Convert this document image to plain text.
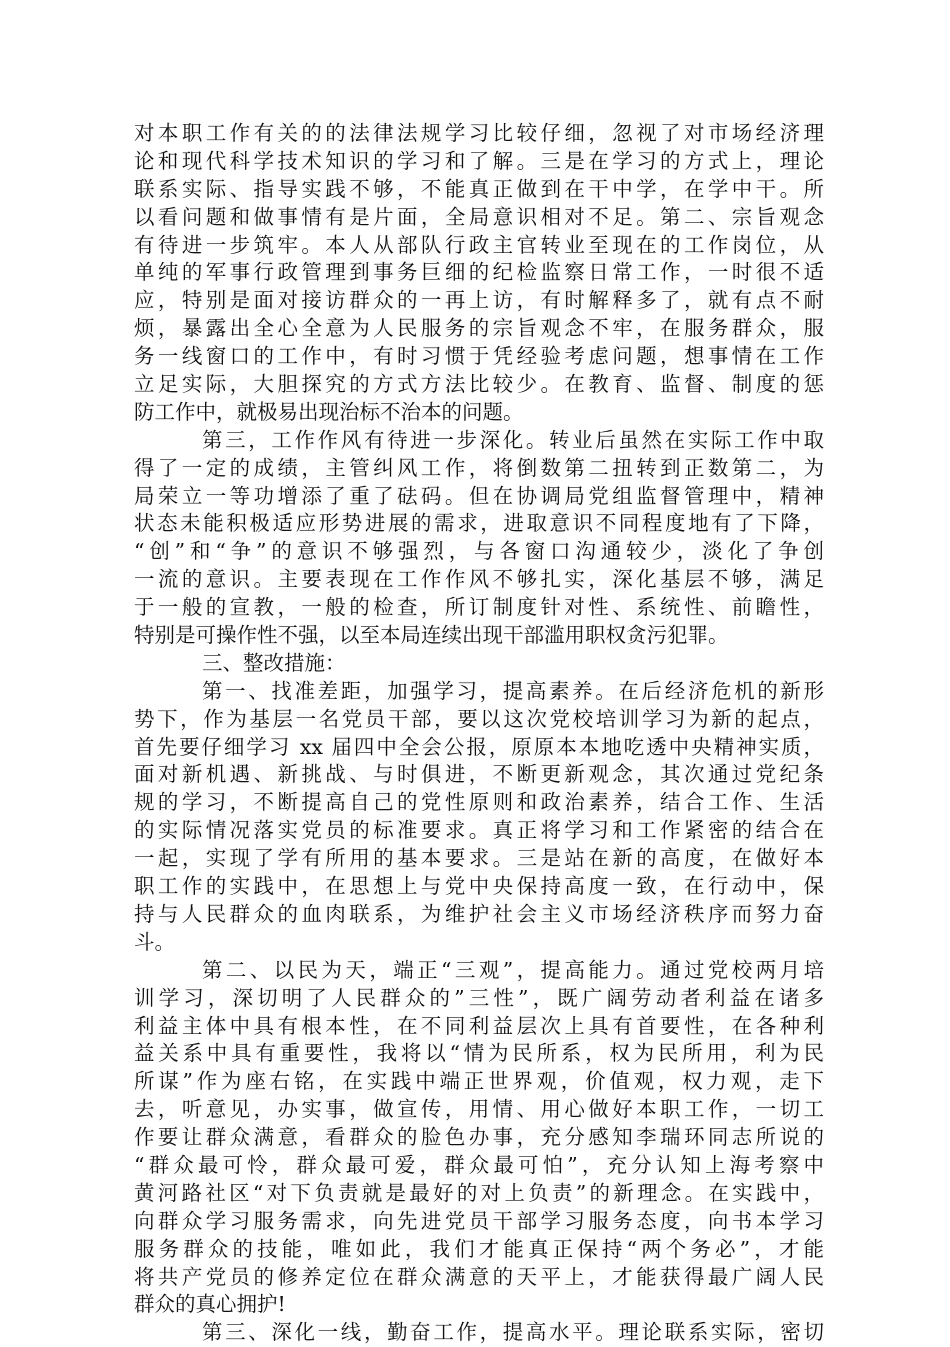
对本职工作有关的的法律法规学习比较仔细，忽视了对市场经济理
论和现代科学技术知识的学习和了解。三是在学习的方式上，理论
联系实际、指导实践不够，不能真正做到在干中学，在学中干。所
以看问题和做事情有是片面，全局意识相对不足。第二、宗旨观念
有待进一步筑牢。本人从部队行政主官转业至现在的工作岗位，从
单纯的军事行政管理到事务巨细的纪检监察日常工作，一时很不适
应，特别是面对接访群众的一再上访，有时解释多了，就有点不耐
烦，暴露出全心全意为人民服务的宗旨观念不牢，在服务群众，服
务一线窗口的工作中，有时习惯于凭经验考虑问题，想事情在工作
立足实际，大胆探究的方式方法比较少。在教育、监督、制度的惩
防工作中，就极易出现治标不治本的问题。
第三，工作作风有待进一步深化。转业后虽然在实际工作中取
得了一定的成绩，主管纠风工作，将倒数第二扭转到正数第二，为
局荣立一等功增添了重了砝码。但在协调局党组监督管理中，精神
状态未能积极适应形势进展的需求，进取意识不同程度地有了下降，
“创”和“争”的意识不够强烈，与各窗口沟通较少，淡化了争创
一流的意识。主要表现在工作作风不够扎实，深化基层不够，满足
于一般的宣教，一般的检查，所订制度针对性、系统性、前瞻性，
特别是可操作性不强，以至本局连续出现干部滥用职权贪污犯罪。
三、整改措施：
第一、找准差距，加强学习，提高素养。在后经济危机的新形
势下，作为基层一名党员干部，要以这次党校培训学习为新的起点，
首先要仔细学习 xx 届四中全会公报，原原本本地吃透中央精神实质，
面对新机遇、新挑战、与时俱进，不断更新观念，其次通过党纪条
规的学习，不断提高自己的党性原则和政治素养，结合工作、生活
的实际情况落实党员的标准要求。真正将学习和工作紧密的结合在
一起，实现了学有所用的基本要求。三是站在新的高度，在做好本
职工作的实践中，在思想上与党中央保持高度一致，在行动中，保
持与人民群众的血肉联系，为维护社会主义市场经济秩序而努力奋
斗。
第二、以民为天，端正“三观”，提高能力。通过党校两月培
训学习，深切明了人民群众的”三性”，既广阔劳动者利益在诸多
利益主体中具有根本性，在不同利益层次上具有首要性，在各种利
益关系中具有重要性，我将以“情为民所系，权为民所用，利为民
所谋”作为座右铭，在实践中端正世界观，价值观，权力观，走下
去，听意见，办实事，做宣传，用情、用心做好本职工作，一切工
作要让群众满意，看群众的脸色办事，充分感知李瑞环同志所说的
“群众最可怜，群众最可爱，群众最可怕”，充分认知上海考察中
黄河路社区“对下负责就是最好的对上负责”的新理念。在实践中，
向群众学习服务需求，向先进党员干部学习服务态度，向书本学习
服务群众的技能，唯如此，我们才能真正保持“两个务必”，才能
将共产党员的修养定位在群众满意的天平上，才能获得最广阔人民
群众的真心拥护!
第三、深化一线，勤奋工作，提高水平。理论联系实际，密切
